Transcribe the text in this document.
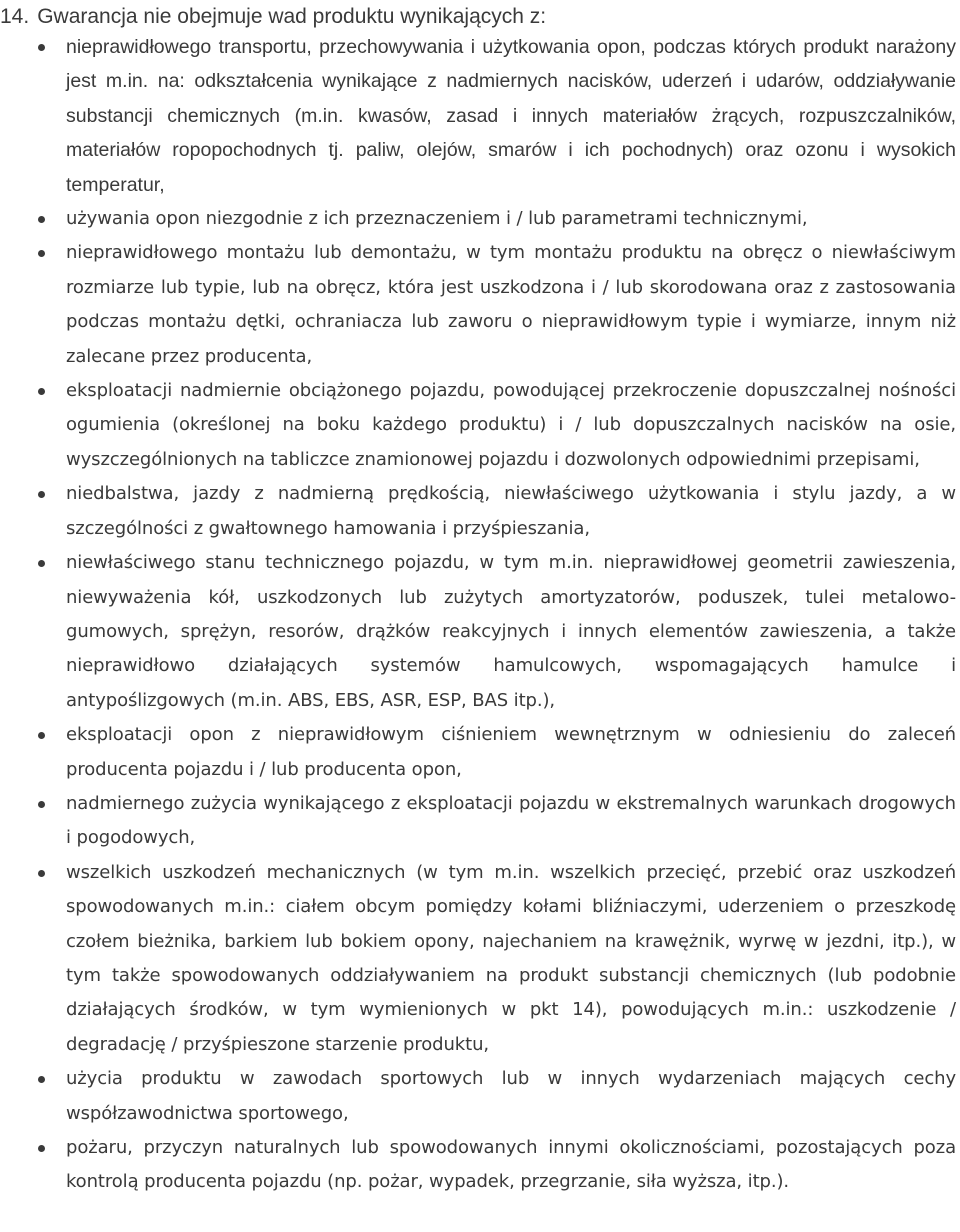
14. Gwarancja nie obejmuje wad produktu wynikających z:
nieprawidłowego transportu, przechowywania i użytkowania opon, podczas których produkt narażony jest m.in. na: odkształcenia wynikające z nadmiernych nacisków, uderzeń i udarów, oddziaływanie substancji chemicznych (m.in. kwasów, zasad i innych materiałów żrących, rozpuszczalników, materiałów ropopochodnych tj. paliw, olejów, smarów i ich pochodnych) oraz ozonu i wysokich temperatur,
używania opon niezgodnie z ich przeznaczeniem i / lub parametrami technicznymi,
nieprawidłowego montażu lub demontażu, w tym montażu produktu na obręcz o niewłaściwym rozmiarze lub typie, lub na obręcz, która jest uszkodzona i / lub skorodowana oraz z zastosowania podczas montażu dętki, ochraniacza lub zaworu o nieprawidłowym typie i wymiarze, innym niż zalecane przez producenta,
eksploatacji nadmiernie obciążonego pojazdu, powodującej przekroczenie dopuszczalnej nośności ogumienia (określonej na boku każdego produktu) i / lub dopuszczalnych nacisków na osie, wyszczególnionych na tabliczce znamionowej pojazdu i dozwolonych odpowiednimi przepisami,
niedbalstwa, jazdy z nadmierną prędkością, niewłaściwego użytkowania i stylu jazdy, a w szczególności z gwałtownego hamowania i przyśpieszania,
niewłaściwego stanu technicznego pojazdu, w tym m.in. nieprawidłowej geometrii zawieszenia, niewyważenia kół, uszkodzonych lub zużytych amortyzatorów, poduszek, tulei metalowo-gumowych, sprężyn, resorów, drążków reakcyjnych i innych elementów zawieszenia, a także nieprawidłowo działających systemów hamulcowych, wspomagających hamulce i antypoślizgowych (m.in. ABS, EBS, ASR, ESP, BAS itp.),
eksploatacji opon z nieprawidłowym ciśnieniem wewnętrznym w odniesieniu do zaleceń producenta pojazdu i / lub producenta opon,
nadmiernego zużycia wynikającego z eksploatacji pojazdu w ekstremalnych warunkach drogowych i pogodowych,
wszelkich uszkodzeń mechanicznych (w tym m.in. wszelkich przecięć, przebić oraz uszkodzeń spowodowanych m.in.: ciałem obcym pomiędzy kołami bliźniaczymi, uderzeniem o przeszkodę czołem bieżnika, barkiem lub bokiem opony, najechaniem na krawężnik, wyrwę w jezdni, itp.), w tym także spowodowanych oddziaływaniem na produkt substancji chemicznych (lub podobnie działających środków, w tym wymienionych w pkt 14), powodujących m.in.: uszkodzenie / degradację / przyśpieszone starzenie produktu,
użycia produktu w zawodach sportowych lub w innych wydarzeniach mających cechy współzawodnictwa sportowego,
pożaru, przyczyn naturalnych lub spowodowanych innymi okolicznościami, pozostających poza kontrolą producenta pojazdu (np. pożar, wypadek, przegrzanie, siła wyższa, itp.).
